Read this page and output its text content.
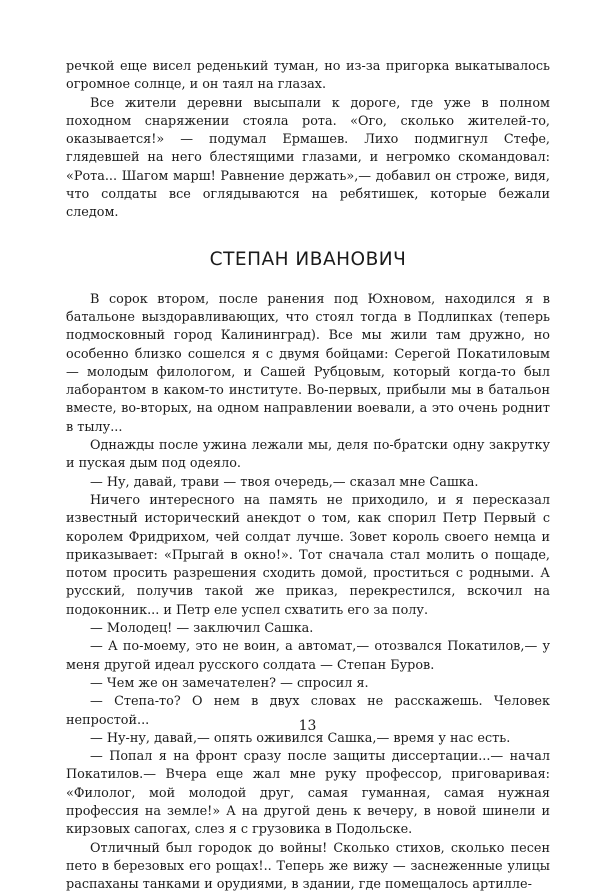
речкой еще висел реденький туман, но из-за пригорка выкатывалось огромное солнце, и он таял на глазах.

Все жители деревни высыпали к дороге, где уже в полном походном снаряжении стояла рота. «Ого, сколько жителей-то, оказывается!» — подумал Ермашев. Лихо подмигнул Стефе, глядевшей на него блестящими глазами, и негромко скомандовал: «Рота... Шагом марш! Равнение держать»,— добавил он строже, видя, что солдаты все оглядываются на ребятишек, которые бежали следом.

СТЕПАН ИВАНОВИЧ

В сорок втором, после ранения под Юхновом, находился я в батальоне выздоравливающих, что стоял тогда в Подлипках (теперь подмосковный город Калининград). Все мы жили там дружно, но особенно близко сошелся я с двумя бойцами: Серегой Покатиловым — молодым филологом, и Сашей Рубцовым, который когда-то был лаборантом в каком-то институте. Во-первых, прибыли мы в батальон вместе, во-вторых, на одном направлении воевали, а это очень роднит в тылу...

Однажды после ужина лежали мы, деля по-братски одну закрутку и пуская дым под одеяло.

— Ну, давай, трави — твоя очередь,— сказал мне Сашка.

Ничего интересного на память не приходило, и я пересказал известный исторический анекдот о том, как спорил Петр Первый с королем Фридрихом, чей солдат лучше. Зовет король своего немца и приказывает: «Прыгай в окно!». Тот сначала стал молить о пощаде, потом просить разрешения сходить домой, проститься с родными. А русский, получив такой же приказ, перекрестился, вскочил на подоконник... и Петр еле успел схватить его за полу.

— Молодец! — заключил Сашка.

— А по-моему, это не воин, а автомат,— отозвался Покатилов,— у меня другой идеал русского солдата — Степан Буров.

— Чем же он замечателен? — спросил я.

— Степа-то? О нем в двух словах не расскажешь. Человек непростой...

— Ну-ну, давай,— опять оживился Сашка,— время у нас есть.

— Попал я на фронт сразу после защиты диссертации...— начал Покатилов.— Вчера еще жал мне руку профессор, приговаривая: «Филолог, мой молодой друг, самая гуманная, самая нужная профессия на земле!» А на другой день к вечеру, в новой шинели и кирзовых сапогах, слез я с грузовика в Подольске.

Отличный был городок до войны! Сколько стихов, сколько песен пето в березовых его рощах!.. Теперь же вижу — заснеженные улицы распаханы танками и орудиями, в здании, где помещалось артилле-

13
